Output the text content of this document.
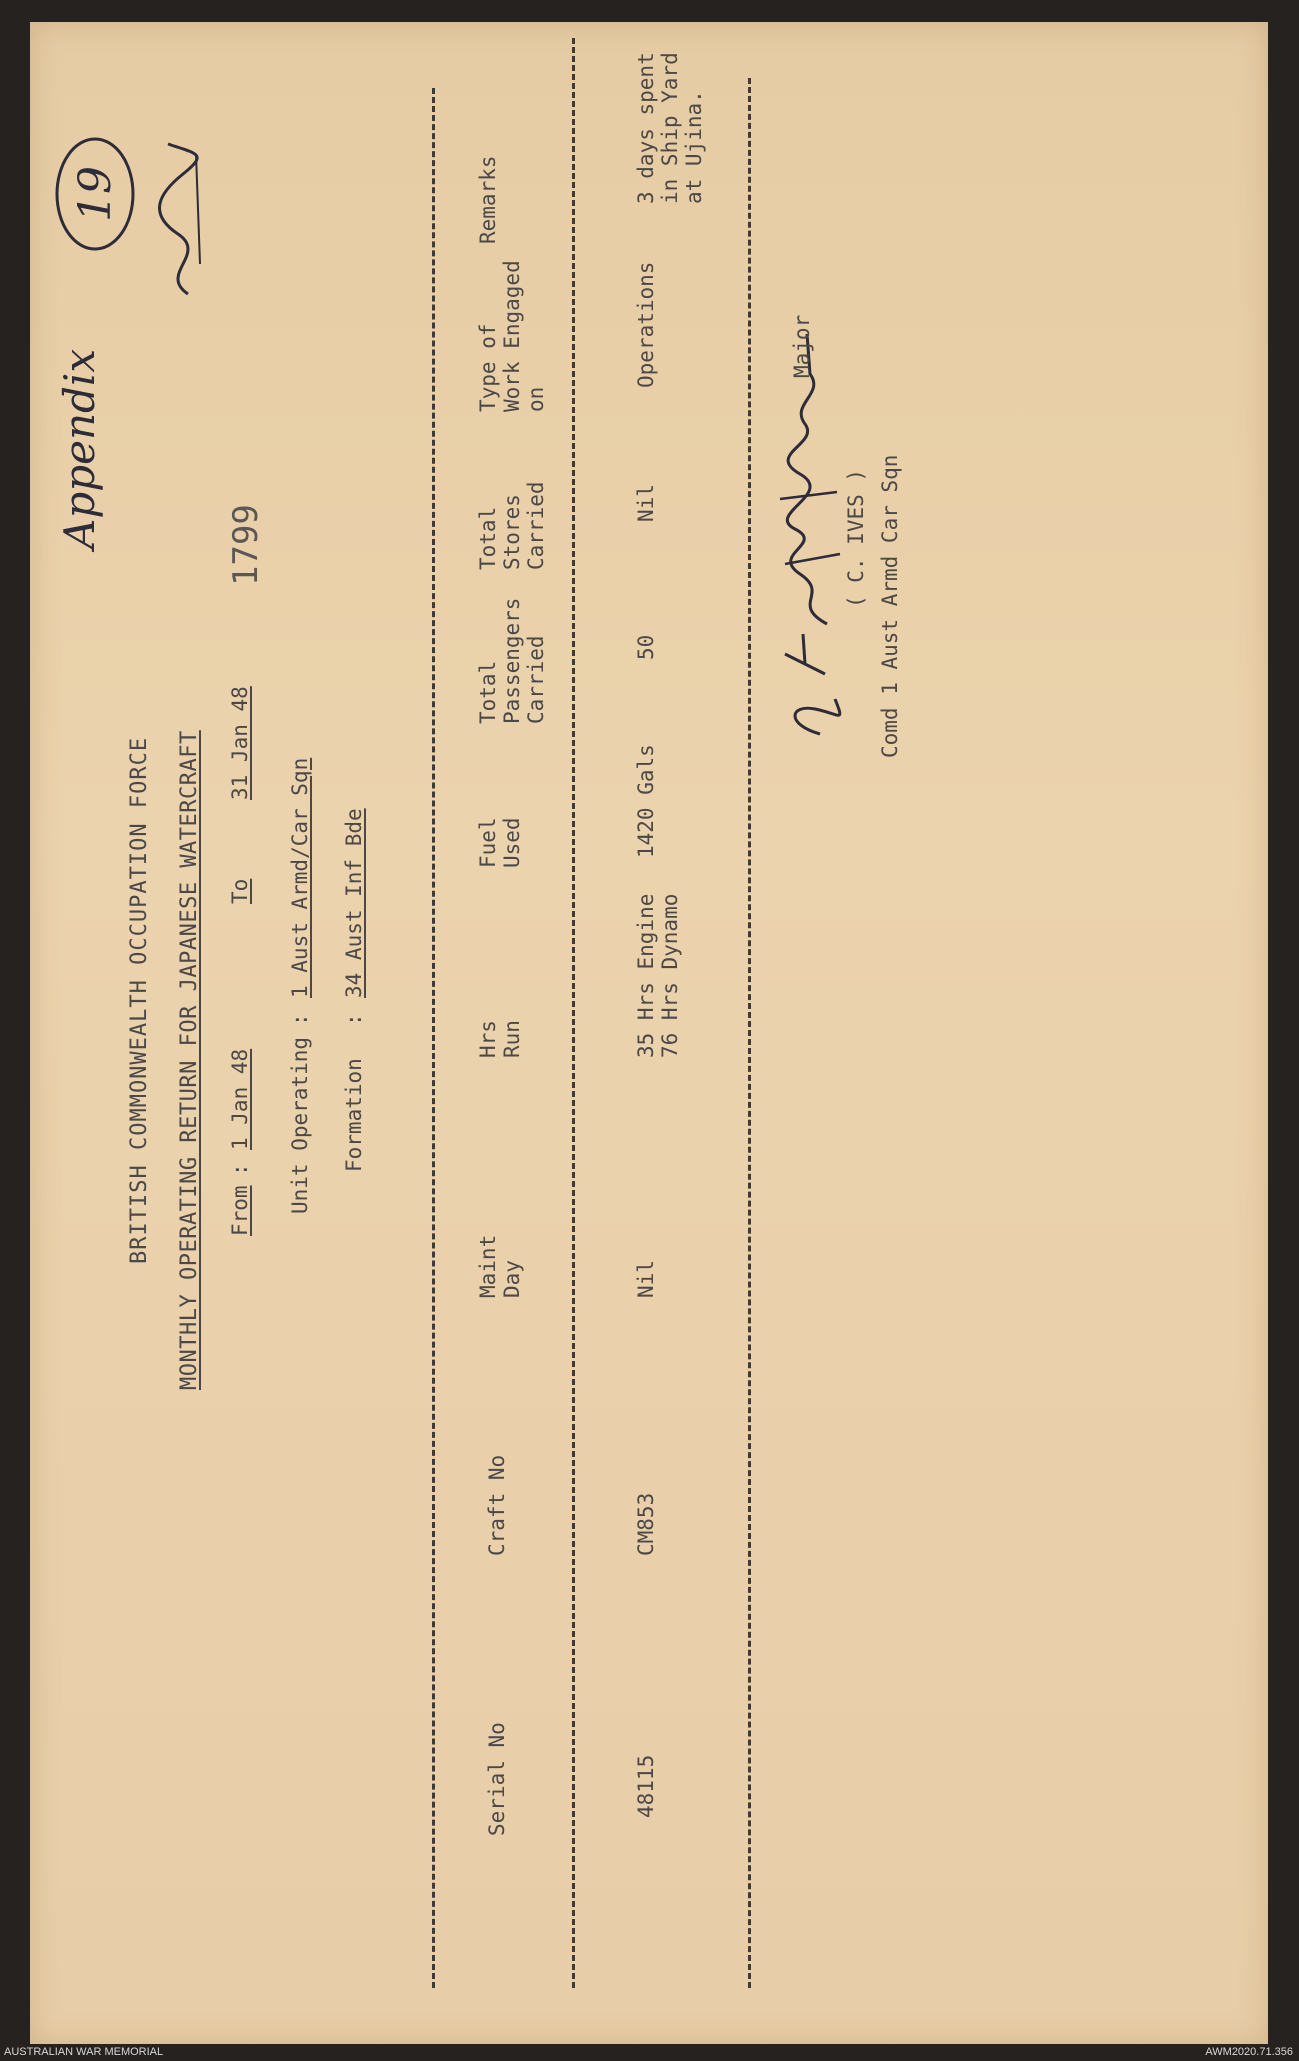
Appendix
19
BRITISH COMMONWEALTH OCCUPATION FORCE MONTHLY OPERATING RETURN FOR JAPANESE WATERCRAFT From
:
1 Jan 48
To
31 Jan 48
1799
Unit Operating
:
1 Aust Armd/Car Sqn
Formation
:
34 Aust Inf Bde
Serial No
Craft No
Maint Day
Hrs Run
Fuel Used
Total Passengers Carried
Total Stores Carried
Type of Work Engaged on
Remarks
48115
CM853
Nil
35 Hrs Engine 76 Hrs Dynamo
1420 Gals
50
Nil
Operations
3 days spent in Ship Yard at Ujina.
Major
( C. IVES ) Comd 1 Aust Armd Car Sqn
AUSTRALIAN WAR MEMORIAL	AWM2020.71.356
